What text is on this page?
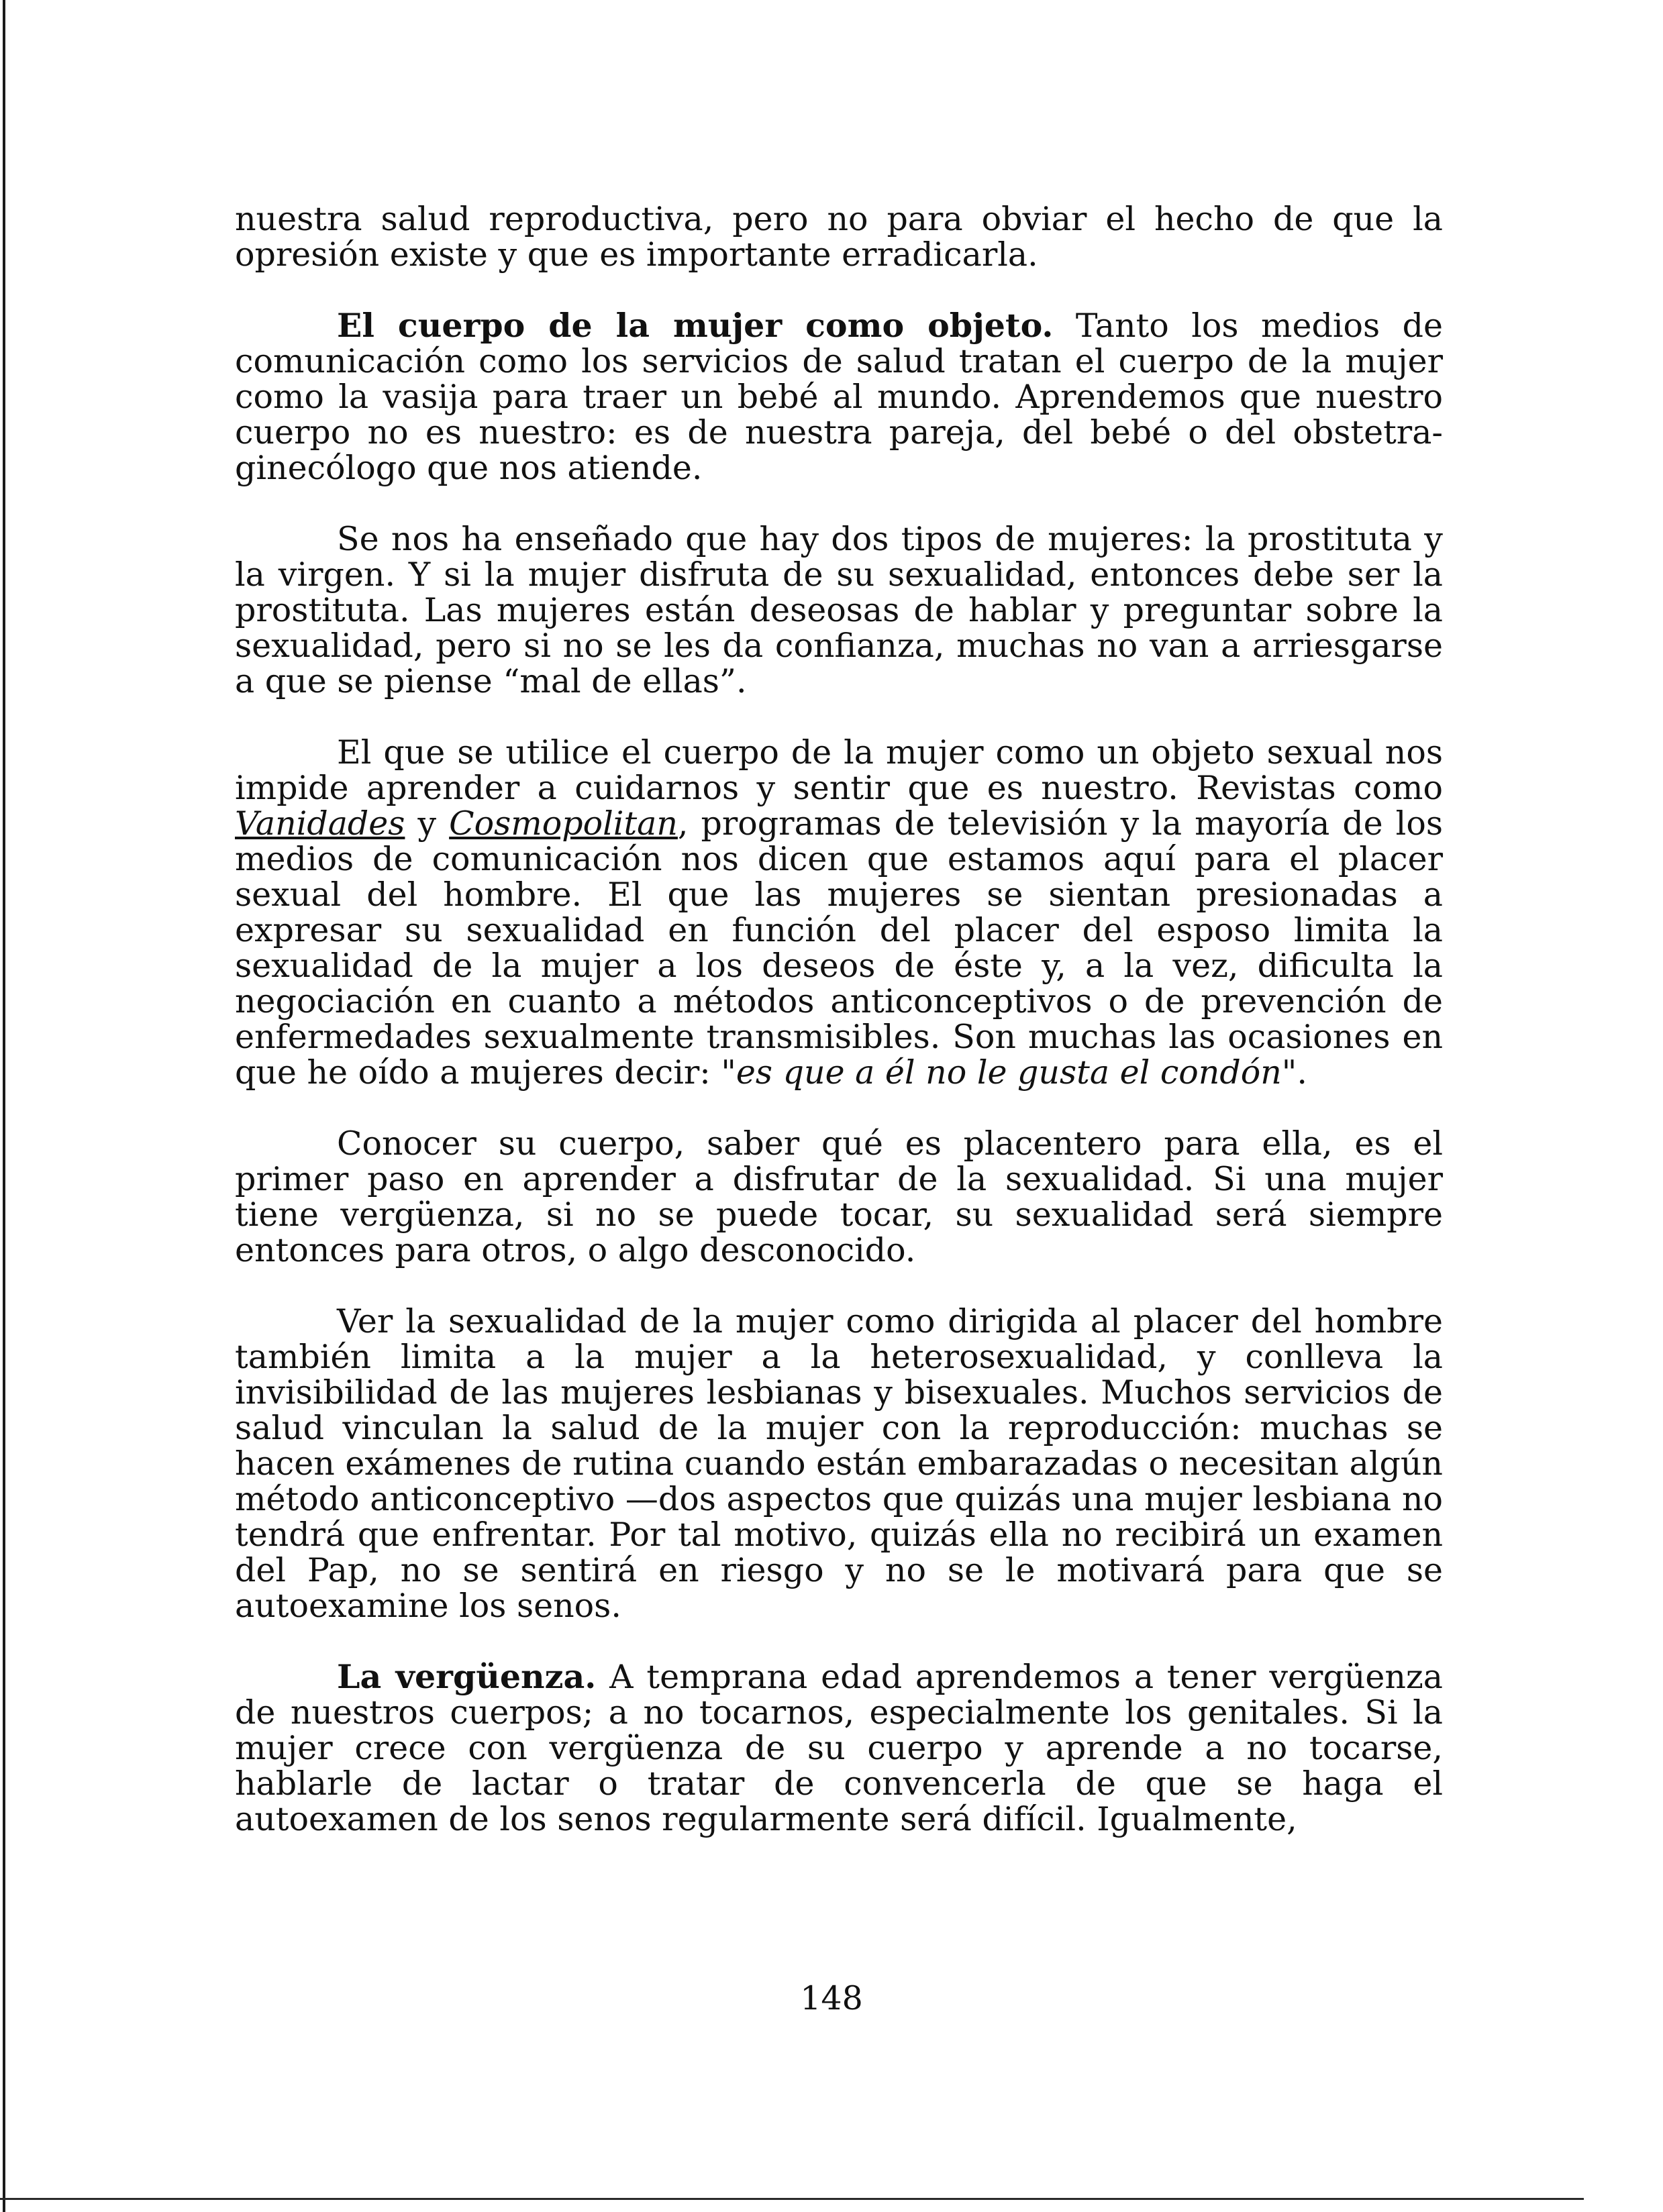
nuestra salud reproductiva, pero no para obviar el hecho de que la opresión existe y que es importante erradicarla.

El cuerpo de la mujer como objeto. Tanto los medios de comunicación como los servicios de salud tratan el cuerpo de la mujer como la vasija para traer un bebé al mundo. Aprendemos que nuestro cuerpo no es nuestro: es de nuestra pareja, del bebé o del obstetra-ginecólogo que nos atiende.

Se nos ha enseñado que hay dos tipos de mujeres: la prostituta y la virgen. Y si la mujer disfruta de su sexualidad, entonces debe ser la prostituta. Las mujeres están deseosas de hablar y preguntar sobre la sexualidad, pero si no se les da confianza, muchas no van a arriesgarse a que se piense “mal de ellas”.

El que se utilice el cuerpo de la mujer como un objeto sexual nos impide aprender a cuidarnos y sentir que es nuestro. Revistas como Vanidades y Cosmopolitan, programas de televisión y la mayoría de los medios de comunicación nos dicen que estamos aquí para el placer sexual del hombre. El que las mujeres se sientan presionadas a expresar su sexualidad en función del placer del esposo limita la sexualidad de la mujer a los deseos de éste y, a la vez, dificulta la negociación en cuanto a métodos anticonceptivos o de prevención de enfermedades sexualmente transmisibles. Son muchas las ocasiones en que he oído a mujeres decir: "es que a él no le gusta el condón".

Conocer su cuerpo, saber qué es placentero para ella, es el primer paso en aprender a disfrutar de la sexualidad. Si una mujer tiene vergüenza, si no se puede tocar, su sexualidad será siempre entonces para otros, o algo desconocido.

Ver la sexualidad de la mujer como dirigida al placer del hombre también limita a la mujer a la heterosexualidad, y conlleva la invisibilidad de las mujeres lesbianas y bisexuales. Muchos servicios de salud vinculan la salud de la mujer con la reproducción: muchas se hacen exámenes de rutina cuando están embarazadas o necesitan algún método anticonceptivo —dos aspectos que quizás una mujer lesbiana no tendrá que enfrentar. Por tal motivo, quizás ella no recibirá un examen del Pap, no se sentirá en riesgo y no se le motivará para que se autoexamine los senos.

La vergüenza. A temprana edad aprendemos a tener vergüenza de nuestros cuerpos; a no tocarnos, especialmente los genitales. Si la mujer crece con vergüenza de su cuerpo y aprende a no tocarse, hablarle de lactar o tratar de convencerla de que se haga el autoexamen de los senos regularmente será difícil. Igualmente,

148
